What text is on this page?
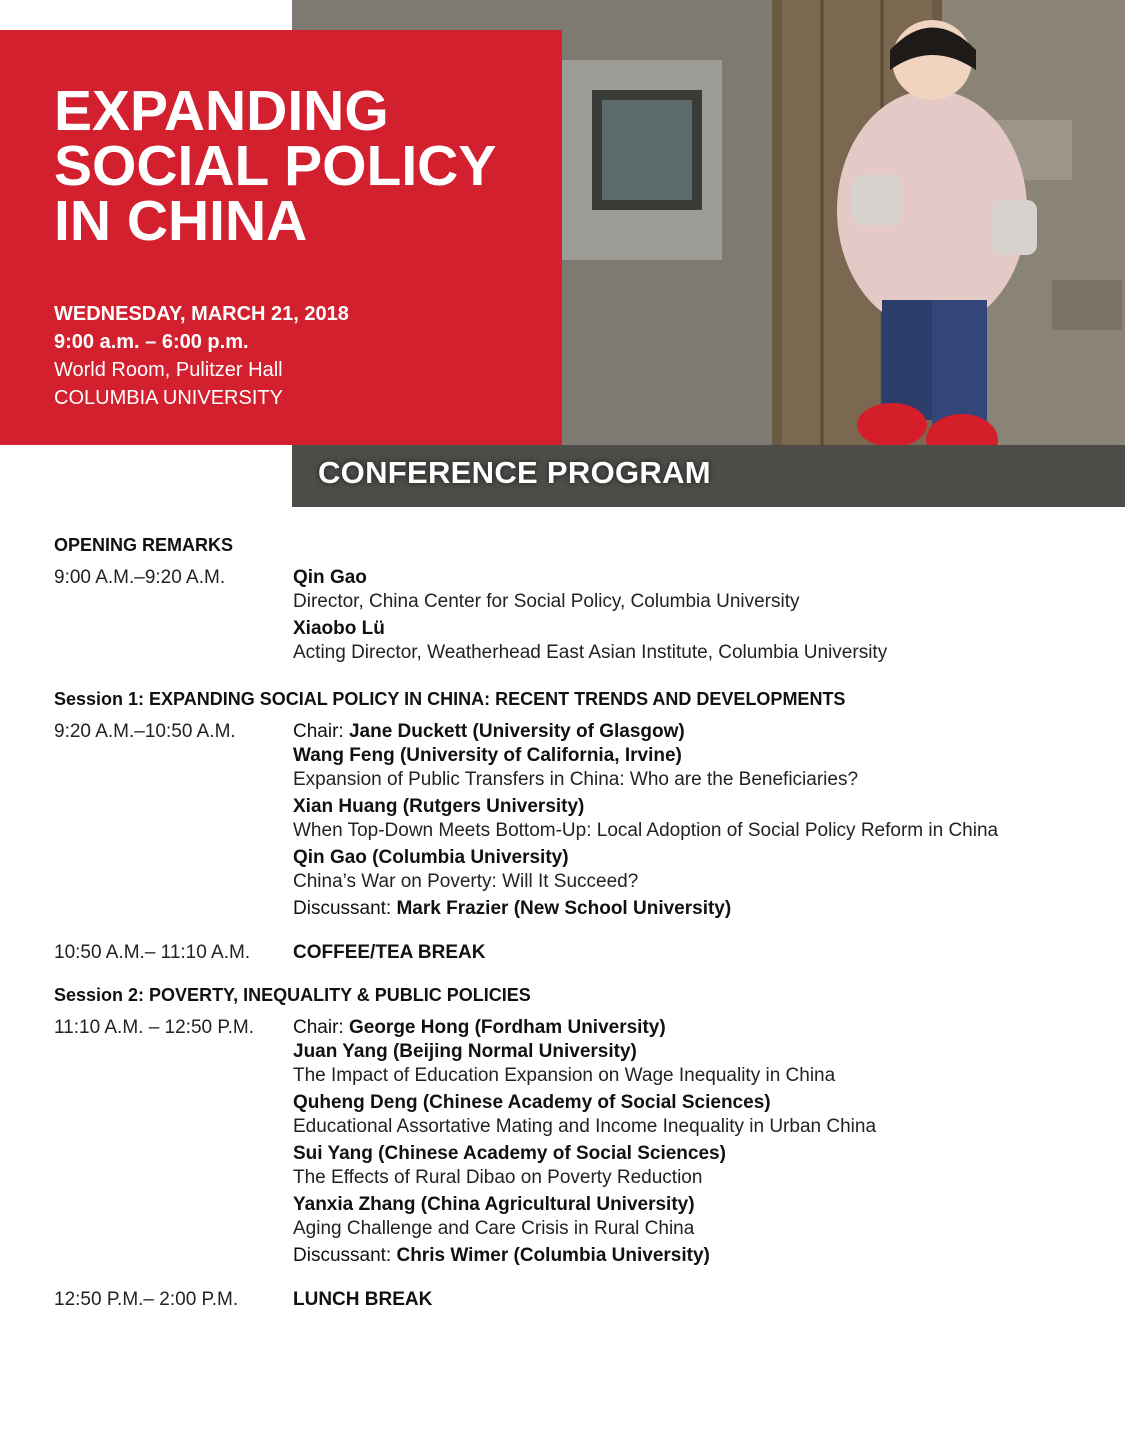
EXPANDING
SOCIAL POLICY
IN CHINA
WEDNESDAY, MARCH 21, 2018
9:00 a.m. – 6:00 p.m.
World Room, Pulitzer Hall
COLUMBIA UNIVERSITY
CONFERENCE PROGRAM
OPENING REMARKS
9:00 A.M.–9:20 A.M.	Qin Gao
Director, China Center for Social Policy, Columbia University
Xiaobo Lü
Acting Director, Weatherhead East Asian Institute, Columbia University
Session 1: EXPANDING SOCIAL POLICY IN CHINA: RECENT TRENDS AND DEVELOPMENTS
9:20 A.M.–10:50 A.M.	Chair: Jane Duckett (University of Glasgow)
Wang Feng (University of California, Irvine)
Expansion of Public Transfers in China: Who are the Beneficiaries?
Xian Huang (Rutgers University)
When Top-Down Meets Bottom-Up: Local Adoption of Social Policy Reform in China
Qin Gao (Columbia University)
China’s War on Poverty: Will It Succeed?
Discussant: Mark Frazier (New School University)
10:50 A.M.– 11:10 A.M.	COFFEE/TEA BREAK
Session 2: POVERTY, INEQUALITY & PUBLIC POLICIES
11:10 A.M. – 12:50 P.M.	Chair: George Hong (Fordham University)
Juan Yang (Beijing Normal University)
The Impact of Education Expansion on Wage Inequality in China
Quheng Deng (Chinese Academy of Social Sciences)
Educational Assortative Mating and Income Inequality in Urban China
Sui Yang (Chinese Academy of Social Sciences)
The Effects of Rural Dibao on Poverty Reduction
Yanxia Zhang (China Agricultural University)
Aging Challenge and Care Crisis in Rural China
Discussant: Chris Wimer (Columbia University)
12:50 P.M.– 2:00 P.M.	LUNCH BREAK
